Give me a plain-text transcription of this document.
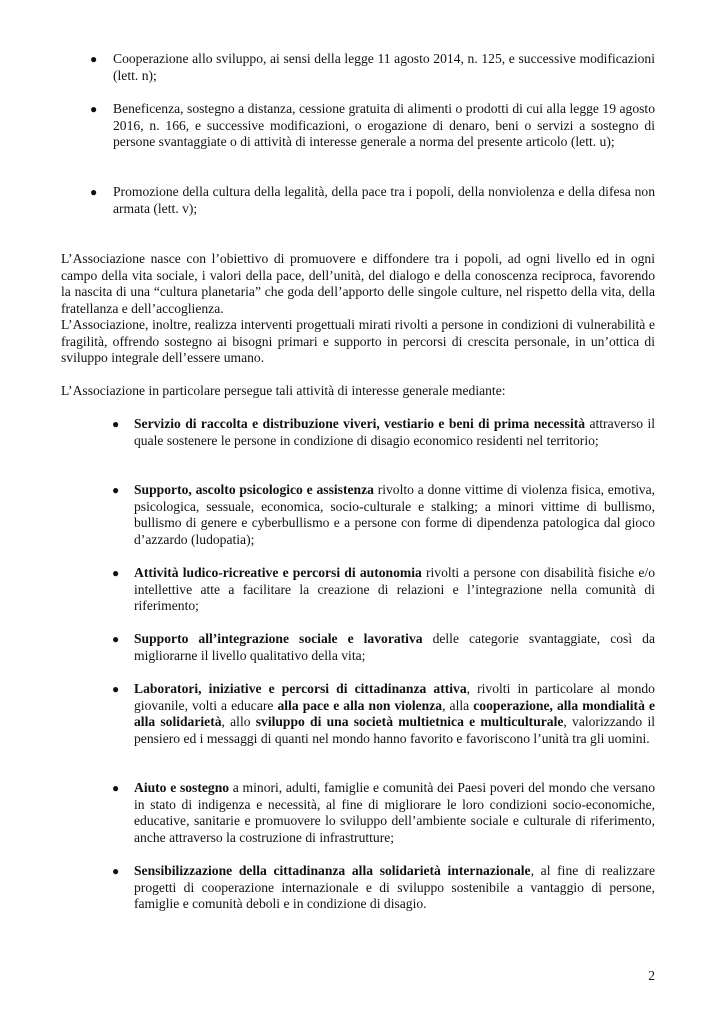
● Cooperazione allo sviluppo, ai sensi della legge 11 agosto 2014, n. 125, e successive modificazioni (lett. n);

● Beneficenza, sostegno a distanza, cessione gratuita di alimenti o prodotti di cui alla legge 19 agosto 2016, n. 166, e successive modificazioni, o erogazione di denaro, beni o servizi a sostegno di persone svantaggiate o di attività di interesse generale a norma del presente articolo (lett. u);

● Promozione della cultura della legalità, della pace tra i popoli, della nonviolenza e della difesa non armata (lett. v);

L’Associazione nasce con l’obiettivo di promuovere e diffondere tra i popoli, ad ogni livello ed in ogni campo della vita sociale, i valori della pace, dell’unità, del dialogo e della conoscenza reciproca, favorendo la nascita di una “cultura planetaria” che goda dell’apporto delle singole culture, nel rispetto della vita, della fratellanza e dell’accoglienza.

L’Associazione, inoltre, realizza interventi progettuali mirati rivolti a persone in condizioni di vulnerabilità e fragilità, offrendo sostegno ai bisogni primari e supporto in percorsi di crescita personale, in un’ottica di sviluppo integrale dell’essere umano.

L’Associazione in particolare persegue tali attività di interesse generale mediante:

● Servizio di raccolta e distribuzione viveri, vestiario e beni di prima necessità attraverso il quale sostenere le persone in condizione di disagio economico residenti nel territorio;

● Supporto, ascolto psicologico e assistenza rivolto a donne vittime di violenza fisica, emotiva, psicologica, sessuale, economica, socio-culturale e stalking; a minori vittime di bullismo, bullismo di genere e cyberbullismo e a persone con forme di dipendenza patologica dal gioco d’azzardo (ludopatia);

● Attività ludico-ricreative e percorsi di autonomia rivolti a persone con disabilità fisiche e/o intellettive atte a facilitare la creazione di relazioni e l’integrazione nella comunità di riferimento;

● Supporto all’integrazione sociale e lavorativa delle categorie svantaggiate, così da migliorarne il livello qualitativo della vita;

● Laboratori, iniziative e percorsi di cittadinanza attiva, rivolti in particolare al mondo giovanile, volti a educare alla pace e alla non violenza, alla cooperazione, alla mondialità e alla solidarietà, allo sviluppo di una società multietnica e multiculturale, valorizzando il pensiero ed i messaggi di quanti nel mondo hanno favorito e favoriscono l’unità tra gli uomini.

● Aiuto e sostegno a minori, adulti, famiglie e comunità dei Paesi poveri del mondo che versano in stato di indigenza e necessità, al fine di migliorare le loro condizioni socio-economiche, educative, sanitarie e promuovere lo sviluppo dell’ambiente sociale e culturale di riferimento, anche attraverso la costruzione di infrastrutture;

● Sensibilizzazione della cittadinanza alla solidarietà internazionale, al fine di realizzare progetti di cooperazione internazionale e di sviluppo sostenibile a vantaggio di persone, famiglie e comunità deboli e in condizione di disagio.

2
